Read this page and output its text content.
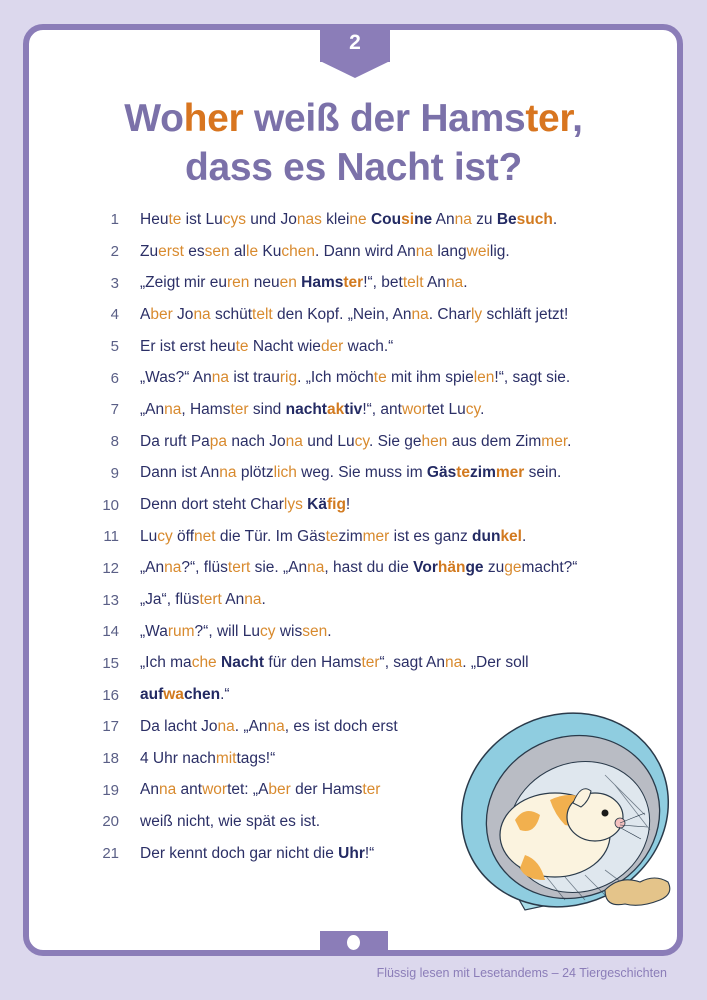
2
Woher weiß der Hamster,
dass es Nacht ist?
1 Heute ist Lucys und Jonas kleine Cousine Anna zu Besuch.
2 Zuerst essen alle Kuchen. Dann wird Anna langweilig.
3 „Zeigt mir euren neuen Hamster!“, bettelt Anna.
4 Aber Jona schüttelt den Kopf. „Nein, Anna. Charly schläft jetzt!
5 Er ist erst heute Nacht wieder wach.“
6 „Was?“ Anna ist traurig. „Ich möchte mit ihm spielen!“, sagt sie.
7 „Anna, Hamster sind nachtaktiv!“, antwortet Lucy.
8 Da ruft Papa nach Jona und Lucy. Sie gehen aus dem Zimmer.
9 Dann ist Anna plötzlich weg. Sie muss im Gästezimmer sein.
10 Denn dort steht Charlys Käfig!
11 Lucy öffnet die Tür. Im Gästezimmer ist es ganz dunkel.
12 „Anna?“, flüstert sie. „Anna, hast du die Vorhänge zugemacht?“
13 „Ja“, flüstert Anna.
14 „Warum?“, will Lucy wissen.
15 „Ich mache Nacht für den Hamster“, sagt Anna. „Der soll
16 aufwachen.“
17 Da lacht Jona. „Anna, es ist doch erst
18 4 Uhr nachmittags!“
19 Anna antwortet: „Aber der Hamster
20 weiß nicht, wie spät es ist.
21 Der kennt doch gar nicht die Uhr!“
Flüssig lesen mit Lesetandems – 24 Tiergeschichten
